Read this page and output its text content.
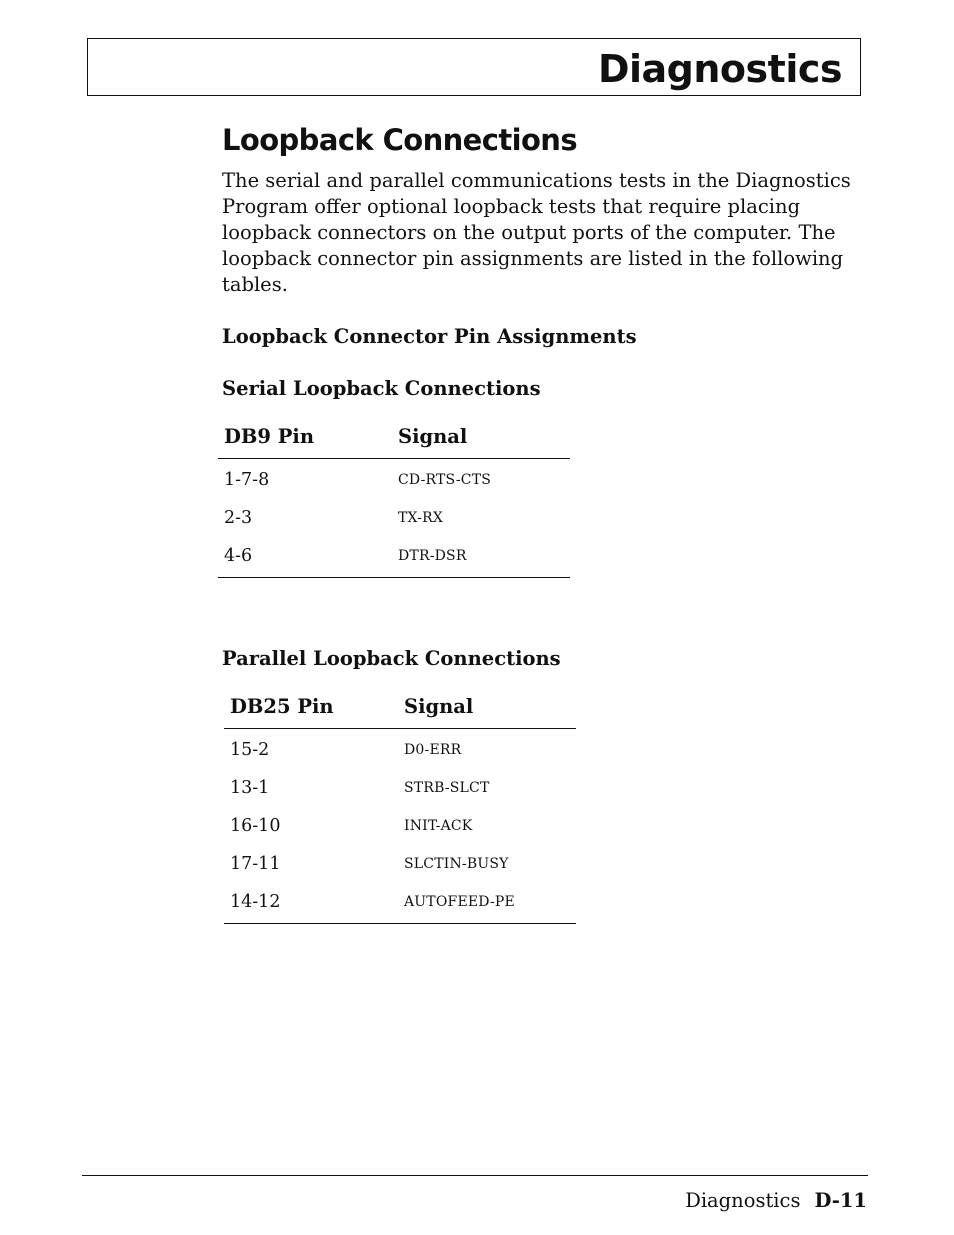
Diagnostics
Loopback Connections

The serial and parallel communications tests in the Diagnostics Program offer optional loopback tests that require placing loopback connectors on the output ports of the computer. The loopback connector pin assignments are listed in the following tables.

Loopback Connector Pin Assignments

Serial Loopback Connections

DB9 Pin	Signal
1-7-8	CD-RTS-CTS
2-3	TX-RX
4-6	DTR-DSR

Parallel Loopback Connections

DB25 Pin	Signal
15-2	D0-ERR
13-1	STRB-SLCT
16-10	INIT-ACK
17-11	SLCTIN-BUSY
14-12	AUTOFEED-PE
Diagnostics D-11
